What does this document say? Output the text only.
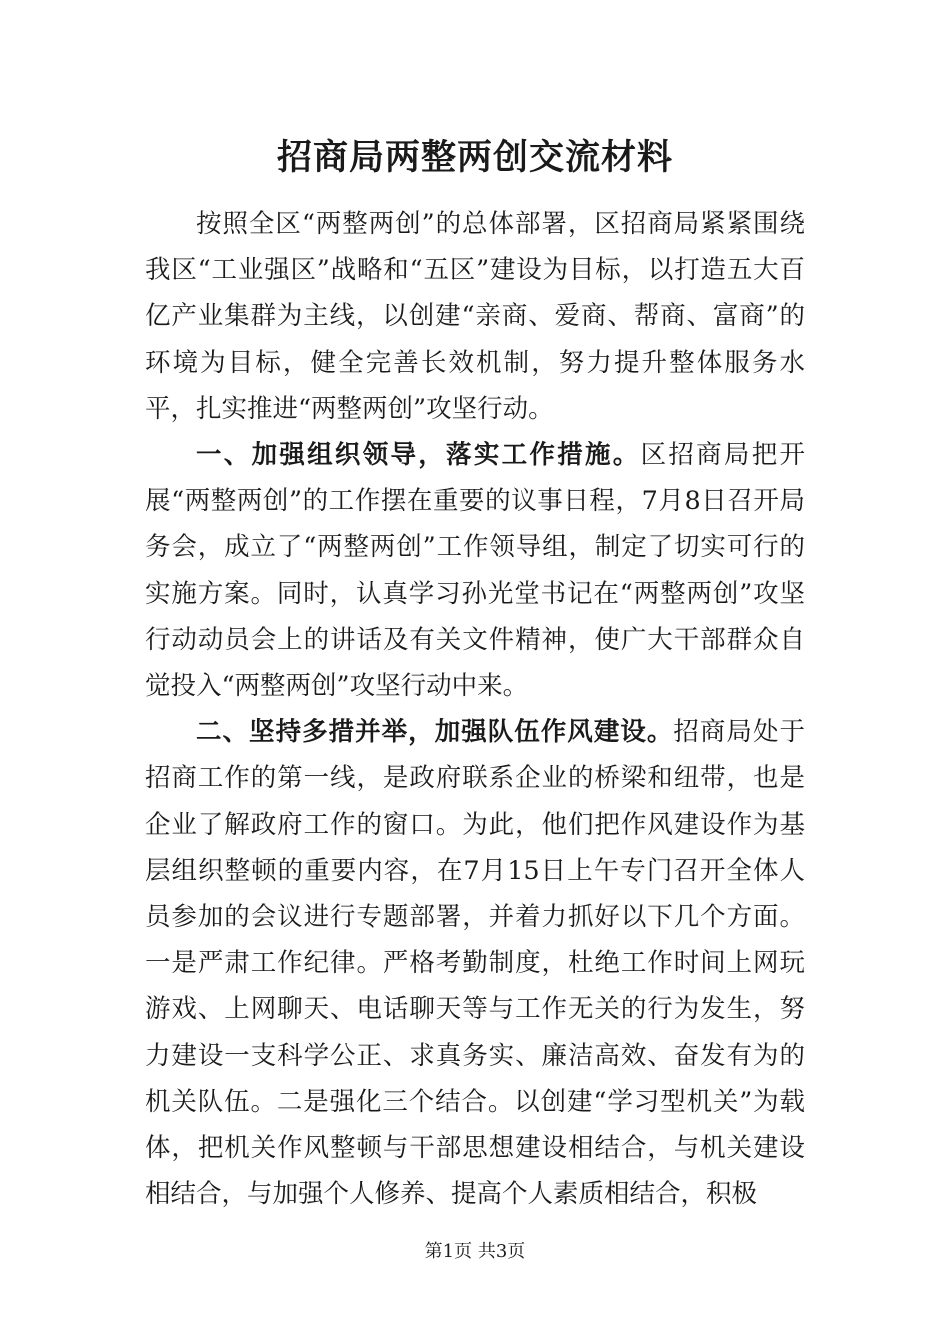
招商局两整两创交流材料

按照全区“两整两创”的总体部署，区招商局紧紧围绕我区“工业强区”战略和“五区”建设为目标，以打造五大百亿产业集群为主线，以创建“亲商、爱商、帮商、富商”的环境为目标，健全完善长效机制，努力提升整体服务水平，扎实推进“两整两创”攻坚行动。

一、加强组织领导，落实工作措施。区招商局把开展“两整两创”的工作摆在重要的议事日程，7月8日召开局务会，成立了“两整两创”工作领导组，制定了切实可行的实施方案。同时，认真学习孙光堂书记在“两整两创”攻坚行动动员会上的讲话及有关文件精神，使广大干部群众自觉投入“两整两创”攻坚行动中来。

二、坚持多措并举，加强队伍作风建设。招商局处于招商工作的第一线，是政府联系企业的桥梁和纽带，也是企业了解政府工作的窗口。为此，他们把作风建设作为基层组织整顿的重要内容，在7月15日上午专门召开全体人员参加的会议进行专题部署，并着力抓好以下几个方面。一是严肃工作纪律。严格考勤制度，杜绝工作时间上网玩游戏、上网聊天、电话聊天等与工作无关的行为发生，努力建设一支科学公正、求真务实、廉洁高效、奋发有为的机关队伍。二是强化三个结合。以创建“学习型机关”为载体，把机关作风整顿与干部思想建设相结合，与机关建设相结合，与加强个人修养、提高个人素质相结合，积极

第1页 共3页
